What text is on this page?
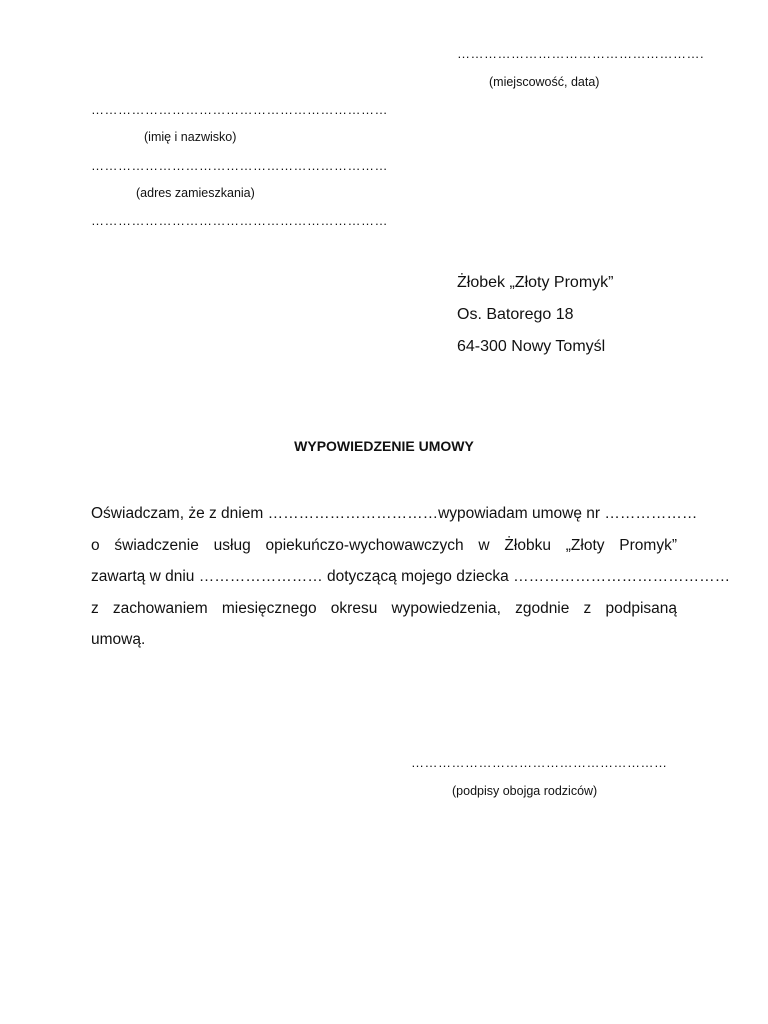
……………………………………………….
(miejscowość, data)
…………………………………………………………
(imię i nazwisko)
…………………………………………………………
(adres zamieszkania)
…………………………………………………………
Żłobek „Złoty Promyk”
Os. Batorego 18
64-300 Nowy Tomyśl
WYPOWIEDZENIE UMOWY
Oświadczam, że z dniem ……………………………wypowiadam umowę nr ………………
o świadczenie usług opiekuńczo-wychowawczych w Żłobku „Złoty Promyk”
zawartą w dniu …………………… dotyczącą mojego dziecka ……………………………………
z zachowaniem miesięcznego okresu wypowiedzenia, zgodnie z podpisaną
umową.
…………………………………………………
(podpisy obojga rodziców)
